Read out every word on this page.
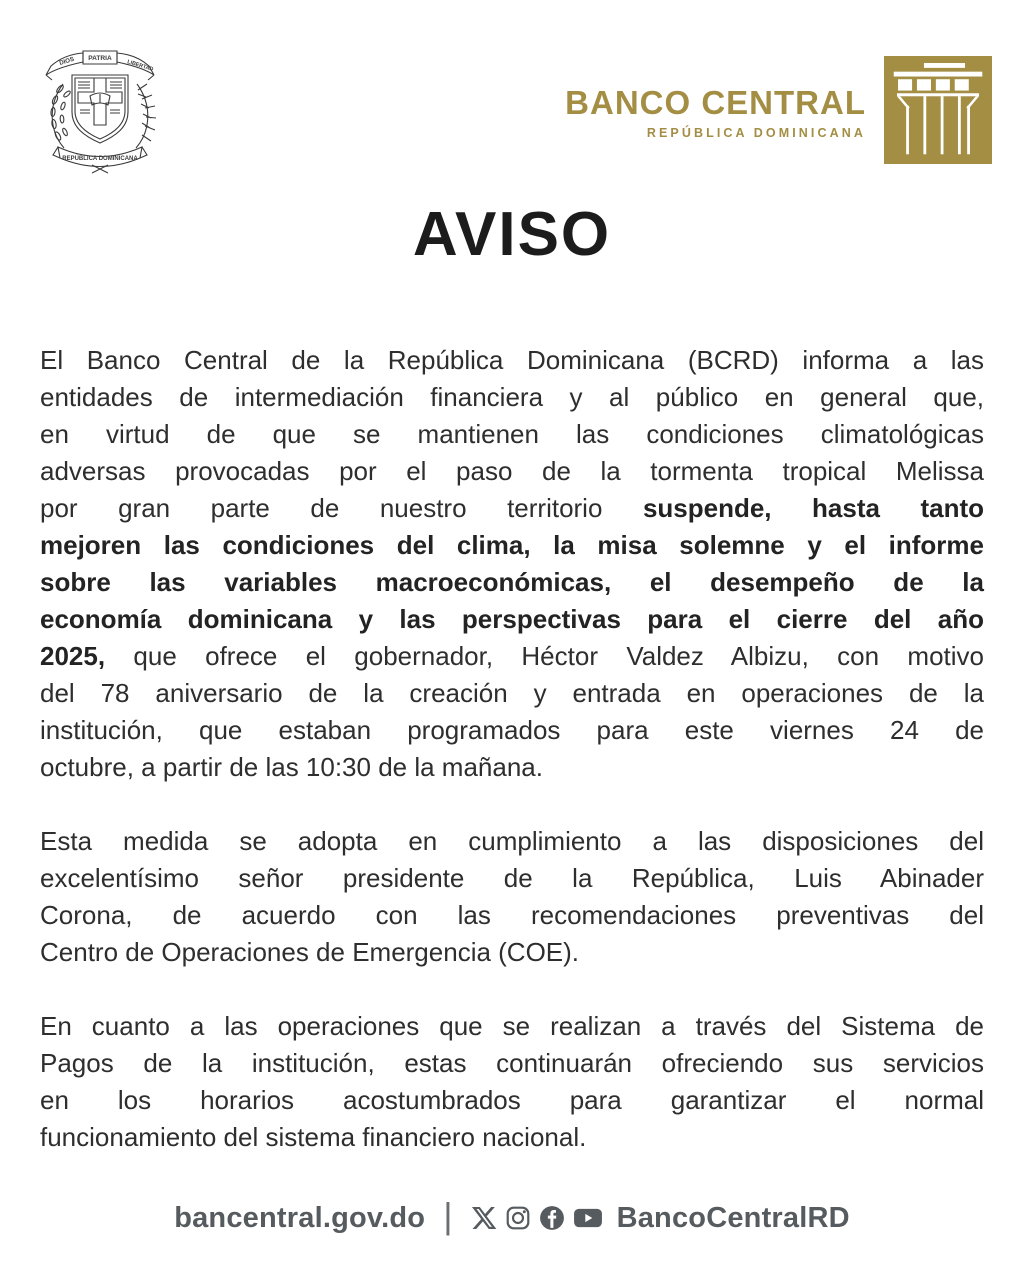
DIOS PATRIA
LIBERTAD
REPÚBLICA DOMINICANA
BANCO CENTRAL
REPÚBLICA DOMINICANA
AVISO
El Banco Central de la República Dominicana (BCRD) informa a las
entidades de intermediación financiera y al público en general que,
en virtud de que se mantienen las condiciones climatológicas
adversas provocadas por el paso de la tormenta tropical Melissa
por gran parte de nuestro territorio suspende, hasta tanto
mejoren las condiciones del clima, la misa solemne y el informe
sobre las variables macroeconómicas, el desempeño de la
economía dominicana y las perspectivas para el cierre del año
2025, que ofrece el gobernador, Héctor Valdez Albizu, con motivo
del 78 aniversario de la creación y entrada en operaciones de la
institución, que estaban programados para este viernes 24 de
octubre, a partir de las 10:30 de la mañana.
Esta medida se adopta en cumplimiento a las disposiciones del
excelentísimo señor presidente de la República, Luis Abinader
Corona, de acuerdo con las recomendaciones preventivas del
Centro de Operaciones de Emergencia (COE).
En cuanto a las operaciones que se realizan a través del Sistema de
Pagos de la institución, estas continuarán ofreciendo sus servicios
en los horarios acostumbrados para garantizar el normal
funcionamiento del sistema financiero nacional.
bancentral.gov.do |	BancoCentralRD
